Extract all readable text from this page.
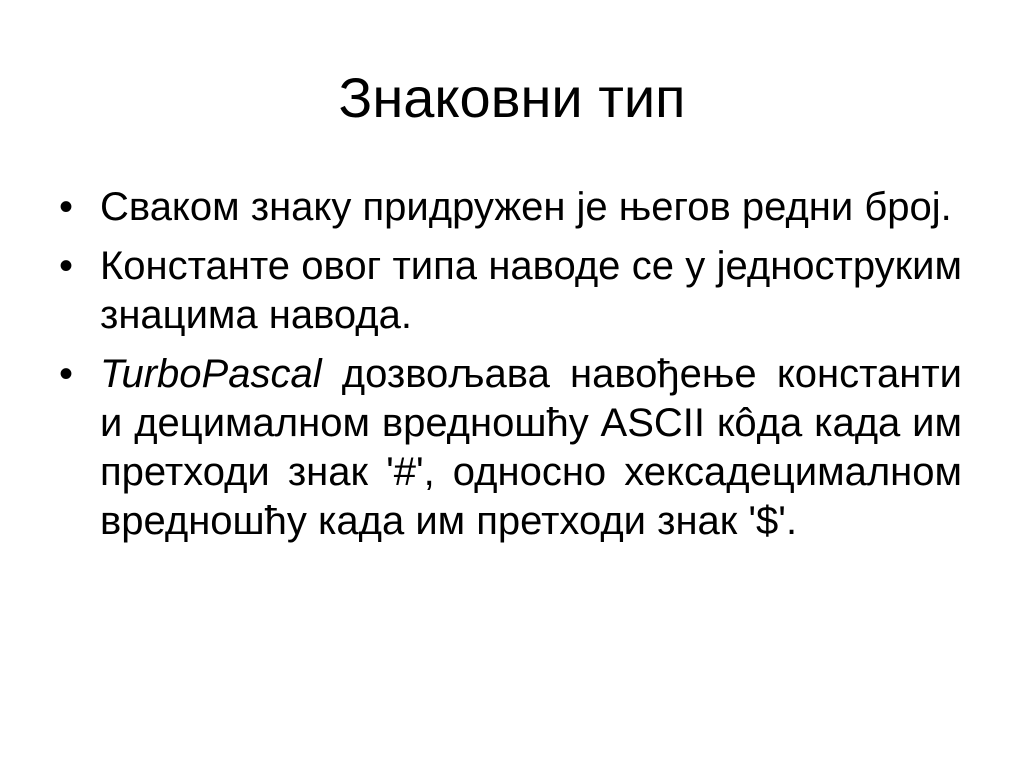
Знаковни тип
• Сваком знаку придружен је његов редни број.
• Константе овог типа наводе се у једноструким знацима навода.
• TurboPascal дозвољава навођење константи и децималном вредношћу ASCII кôда када им претходи знак '#', односно хексадецималном вредношћу када им претходи знак '$'.
